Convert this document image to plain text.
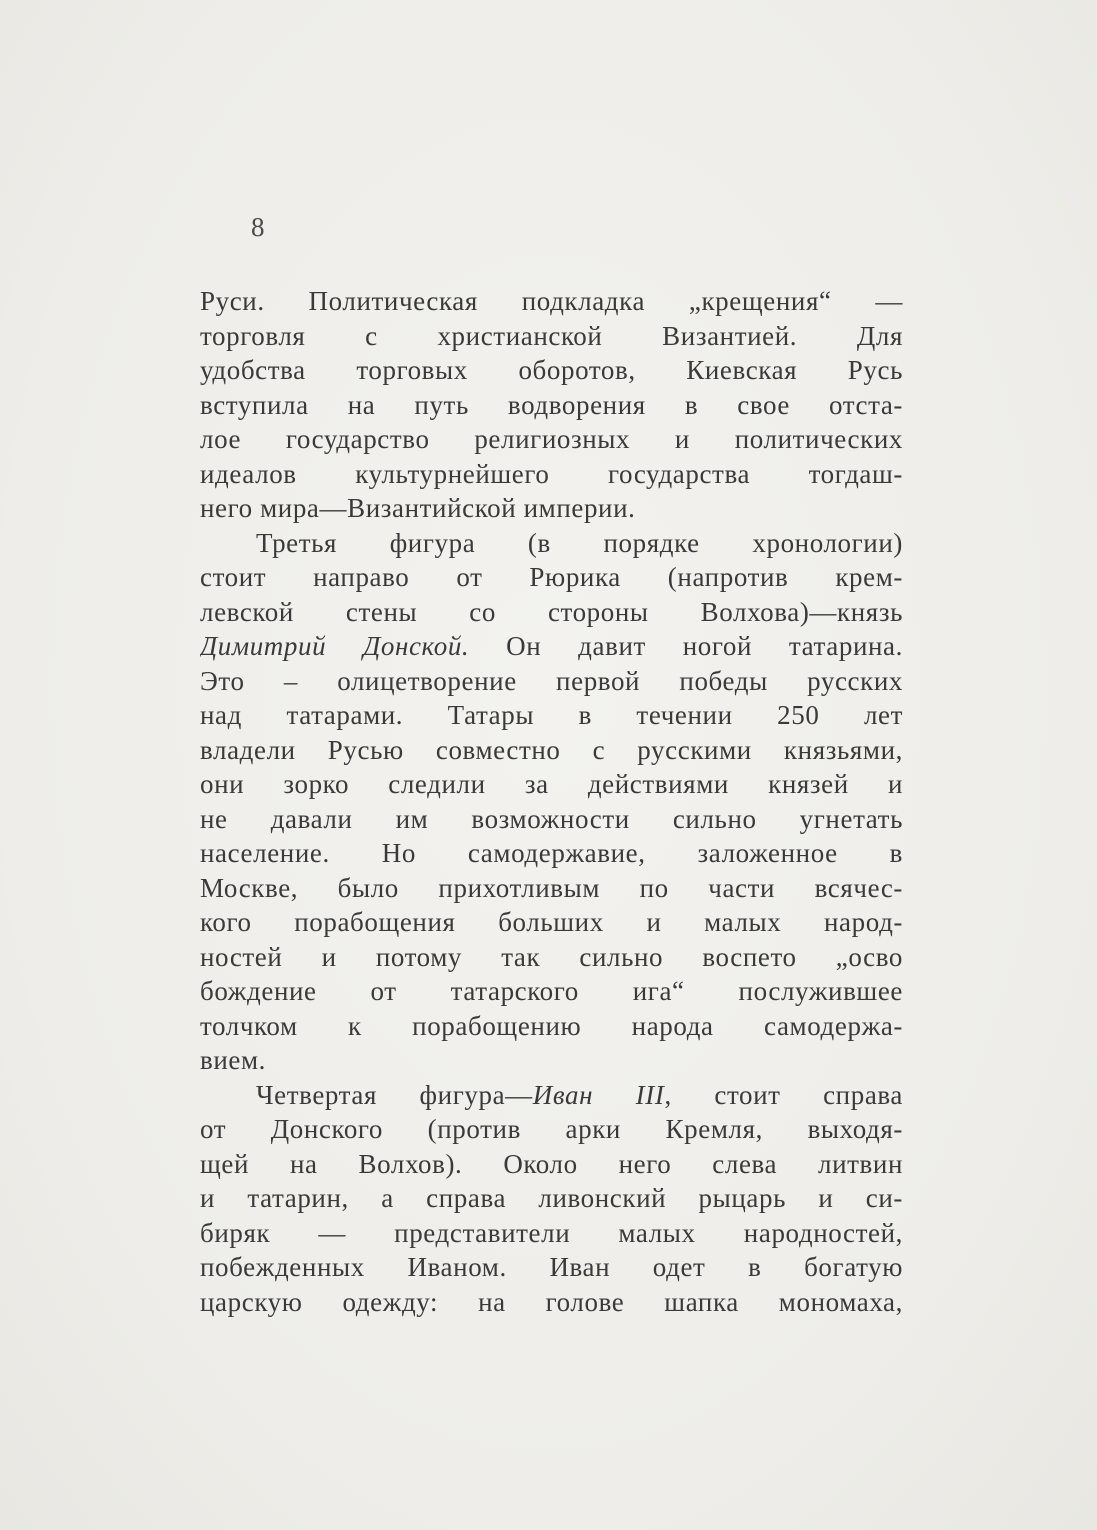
8
Руси. Политическая подкладка „крещения“ —
торговля с христианской Византией. Для
удобства торговых оборотов, Киевская Русь
вступила на путь водворения в свое отста-
лое государство религиозных и политических
идеалов культурнейшего государства тогдаш-
него мира—Византийской империи.
Третья фигура (в порядке хронологии)
стоит направо от Рюрика (напротив крем-
левской стены со стороны Волхова)—князь
Димитрий Донской. Он давит ногой татарина.
Это – олицетворение первой победы русских
над татарами. Татары в течении 250 лет
владели Русью совместно с русскими князьями,
они зорко следили за действиями князей и
не давали им возможности сильно угнетать
население. Но самодержавие, заложенное в
Москве, было прихотливым по части всячес-
кого порабощения больших и малых народ-
ностей и потому так сильно воспето „осво
бождение от татарского ига“ послужившее
толчком к порабощению народа самодержа-
вием.
Четвертая фигура—Иван III, стоит справа
от Донского (против арки Кремля, выходя-
щей на Волхов). Около него слева литвин
и татарин, а справа ливонский рыцарь и си-
биряк — представители малых народностей,
побежденных Иваном. Иван одет в богатую
царскую одежду: на голове шапка мономаха,
